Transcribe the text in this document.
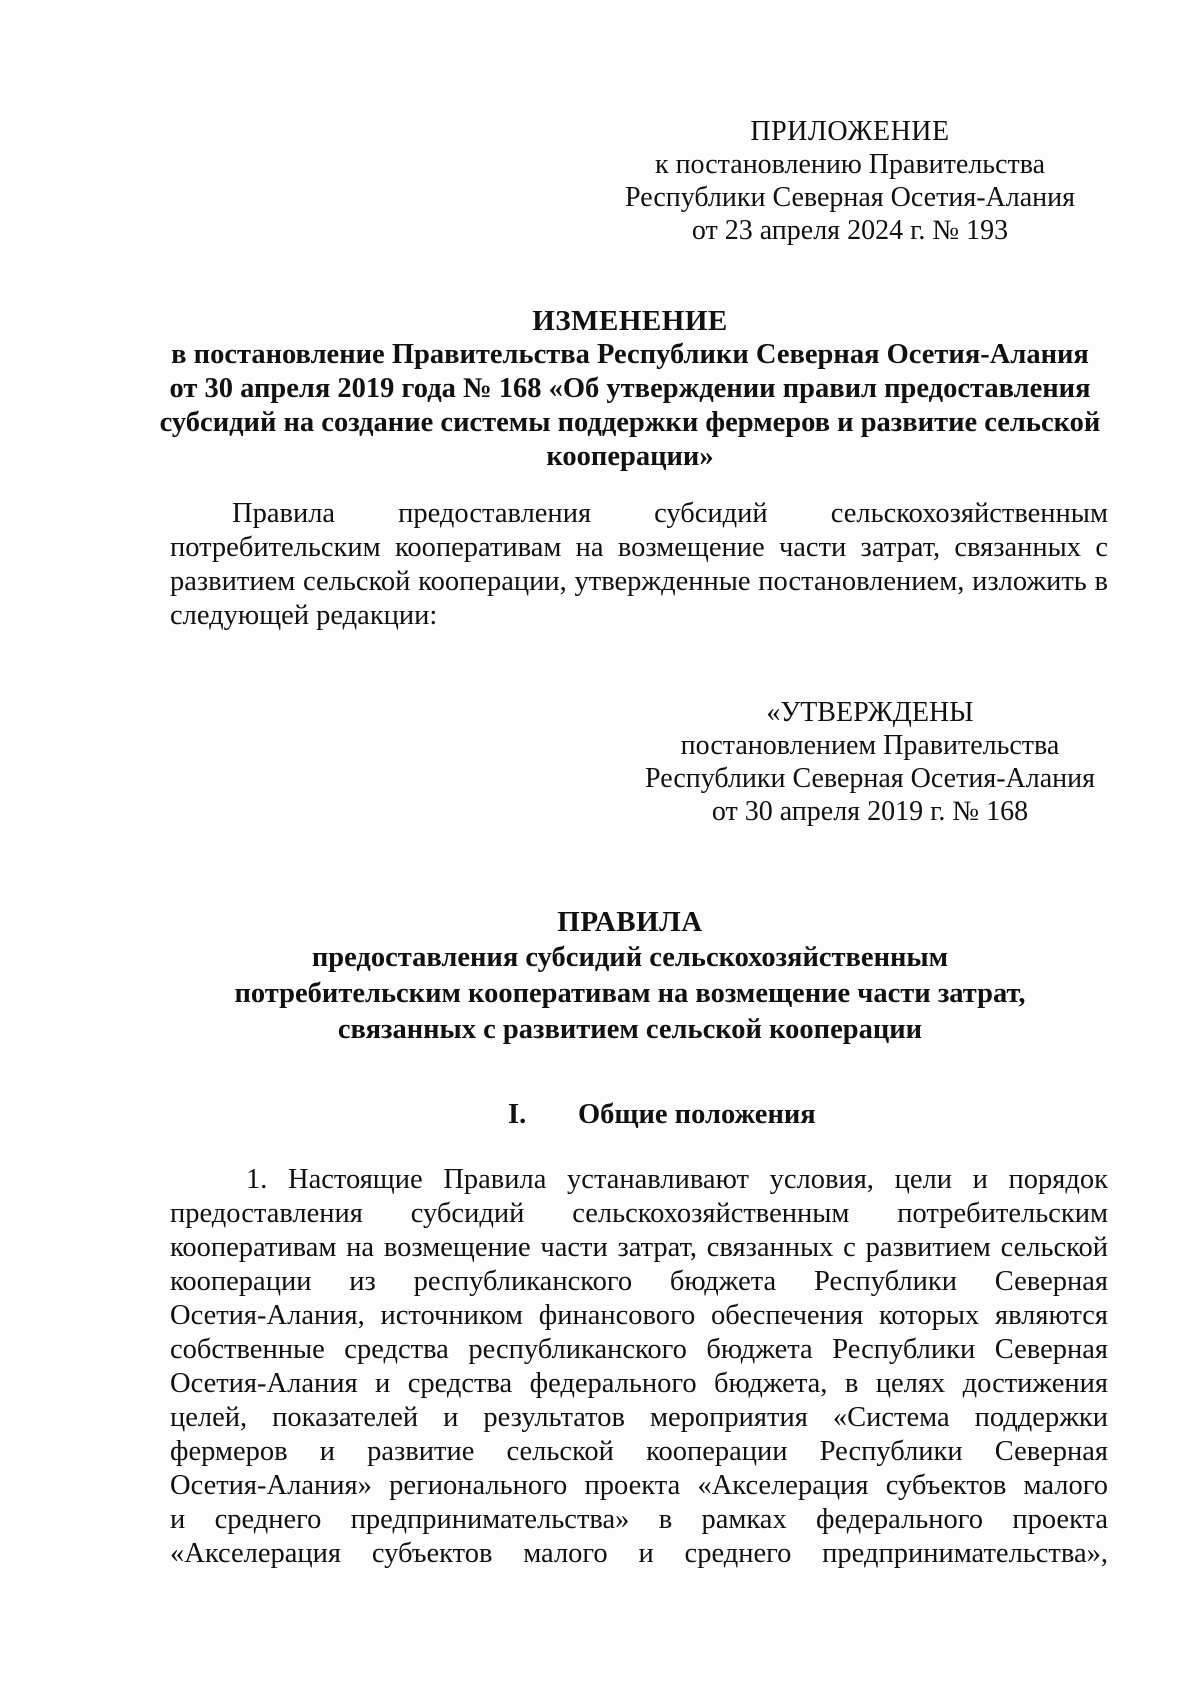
ПРИЛОЖЕНИЕ
к постановлению Правительства
Республики Северная Осетия-Алания
от 23 апреля 2024 г. № 193
ИЗМЕНЕНИЕ
в постановление Правительства Республики Северная Осетия-Алания
от 30 апреля 2019 года № 168 «Об утверждении правил предоставления
субсидий на создание системы поддержки фермеров и развитие сельской
кооперации»
Правила предоставления субсидий сельскохозяйственным
потребительским кооперативам на возмещение части затрат, связанных с
развитием сельской кооперации, утвержденные постановлением, изложить в
следующей редакции:
«УТВЕРЖДЕНЫ
постановлением Правительства
Республики Северная Осетия-Алания
от 30 апреля 2019 г. № 168
ПРАВИЛА
предоставления субсидий сельскохозяйственным
потребительским кооперативам на возмещение части затрат,
связанных с развитием сельской кооперации
I. Общие положения
1. Настоящие Правила устанавливают условия, цели и порядок
предоставления субсидий сельскохозяйственным потребительским
кооперативам на возмещение части затрат, связанных с развитием сельской
кооперации из республиканского бюджета Республики Северная
Осетия-Алания, источником финансового обеспечения которых являются
собственные средства республиканского бюджета Республики Северная
Осетия-Алания и средства федерального бюджета, в целях достижения
целей, показателей и результатов мероприятия «Система поддержки
фермеров и развитие сельской кооперации Республики Северная
Осетия-Алания» регионального проекта «Акселерация субъектов малого
и среднего предпринимательства» в рамках федерального проекта
«Акселерация субъектов малого и среднего предпринимательства»,
